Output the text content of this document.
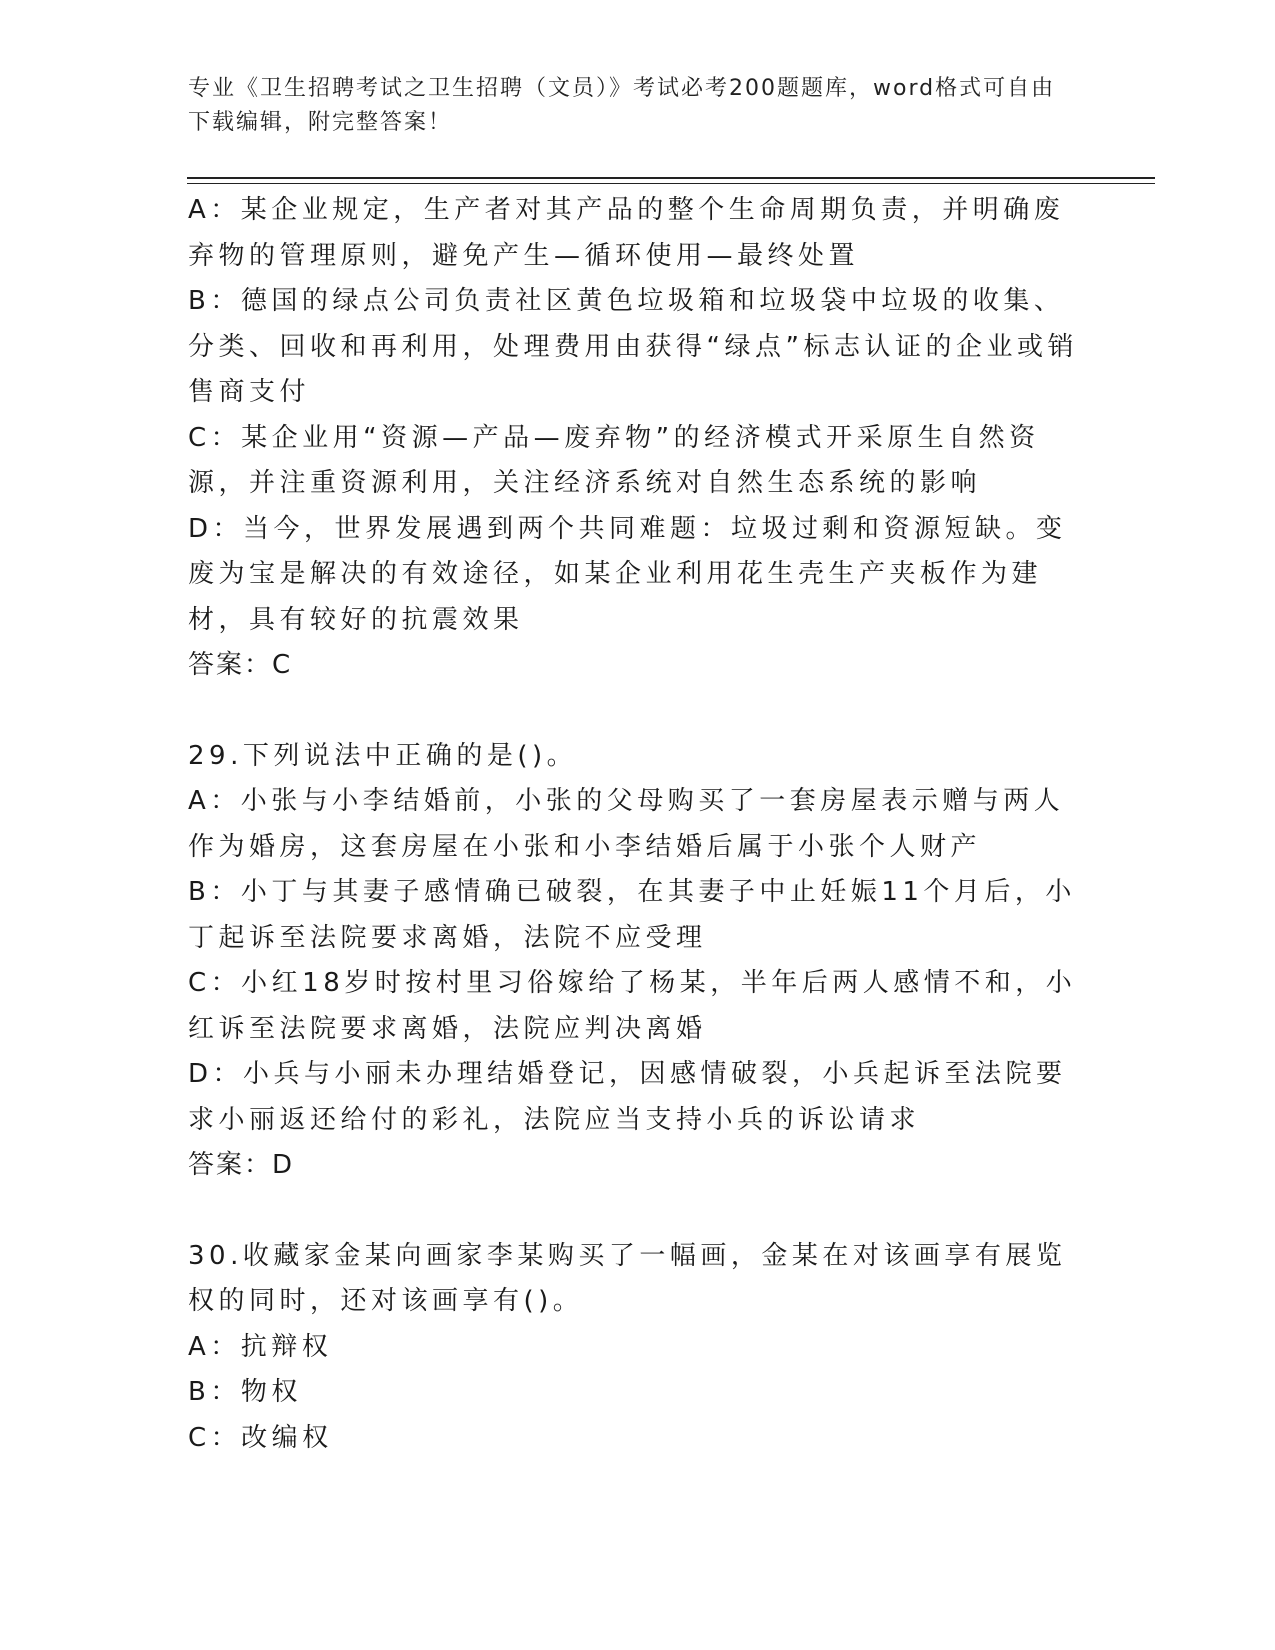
专业《卫生招聘考试之卫生招聘（文员）》考试必考200题题库，word格式可自由下载编辑，附完整答案！

A：某企业规定，生产者对其产品的整个生命周期负责，并明确废弃物的管理原则，避免产生—循环使用—最终处置

B：德国的绿点公司负责社区黄色垃圾箱和垃圾袋中垃圾的收集、分类、回收和再利用，处理费用由获得“绿点”标志认证的企业或销售商支付

C：某企业用“资源—产品—废弃物”的经济模式开采原生自然资源，并注重资源利用，关注经济系统对自然生态系统的影响

D：当今，世界发展遇到两个共同难题：垃圾过剩和资源短缺。变废为宝是解决的有效途径，如某企业利用花生壳生产夹板作为建材，具有较好的抗震效果

答案：C

29.下列说法中正确的是()。

A：小张与小李结婚前，小张的父母购买了一套房屋表示赠与两人作为婚房，这套房屋在小张和小李结婚后属于小张个人财产

B：小丁与其妻子感情确已破裂，在其妻子中止妊娠11个月后，小丁起诉至法院要求离婚，法院不应受理

C：小红18岁时按村里习俗嫁给了杨某，半年后两人感情不和，小红诉至法院要求离婚，法院应判决离婚

D：小兵与小丽未办理结婚登记，因感情破裂，小兵起诉至法院要求小丽返还给付的彩礼，法院应当支持小兵的诉讼请求

答案：D

30.收藏家金某向画家李某购买了一幅画，金某在对该画享有展览权的同时，还对该画享有()。

A：抗辩权

B：物权

C：改编权
